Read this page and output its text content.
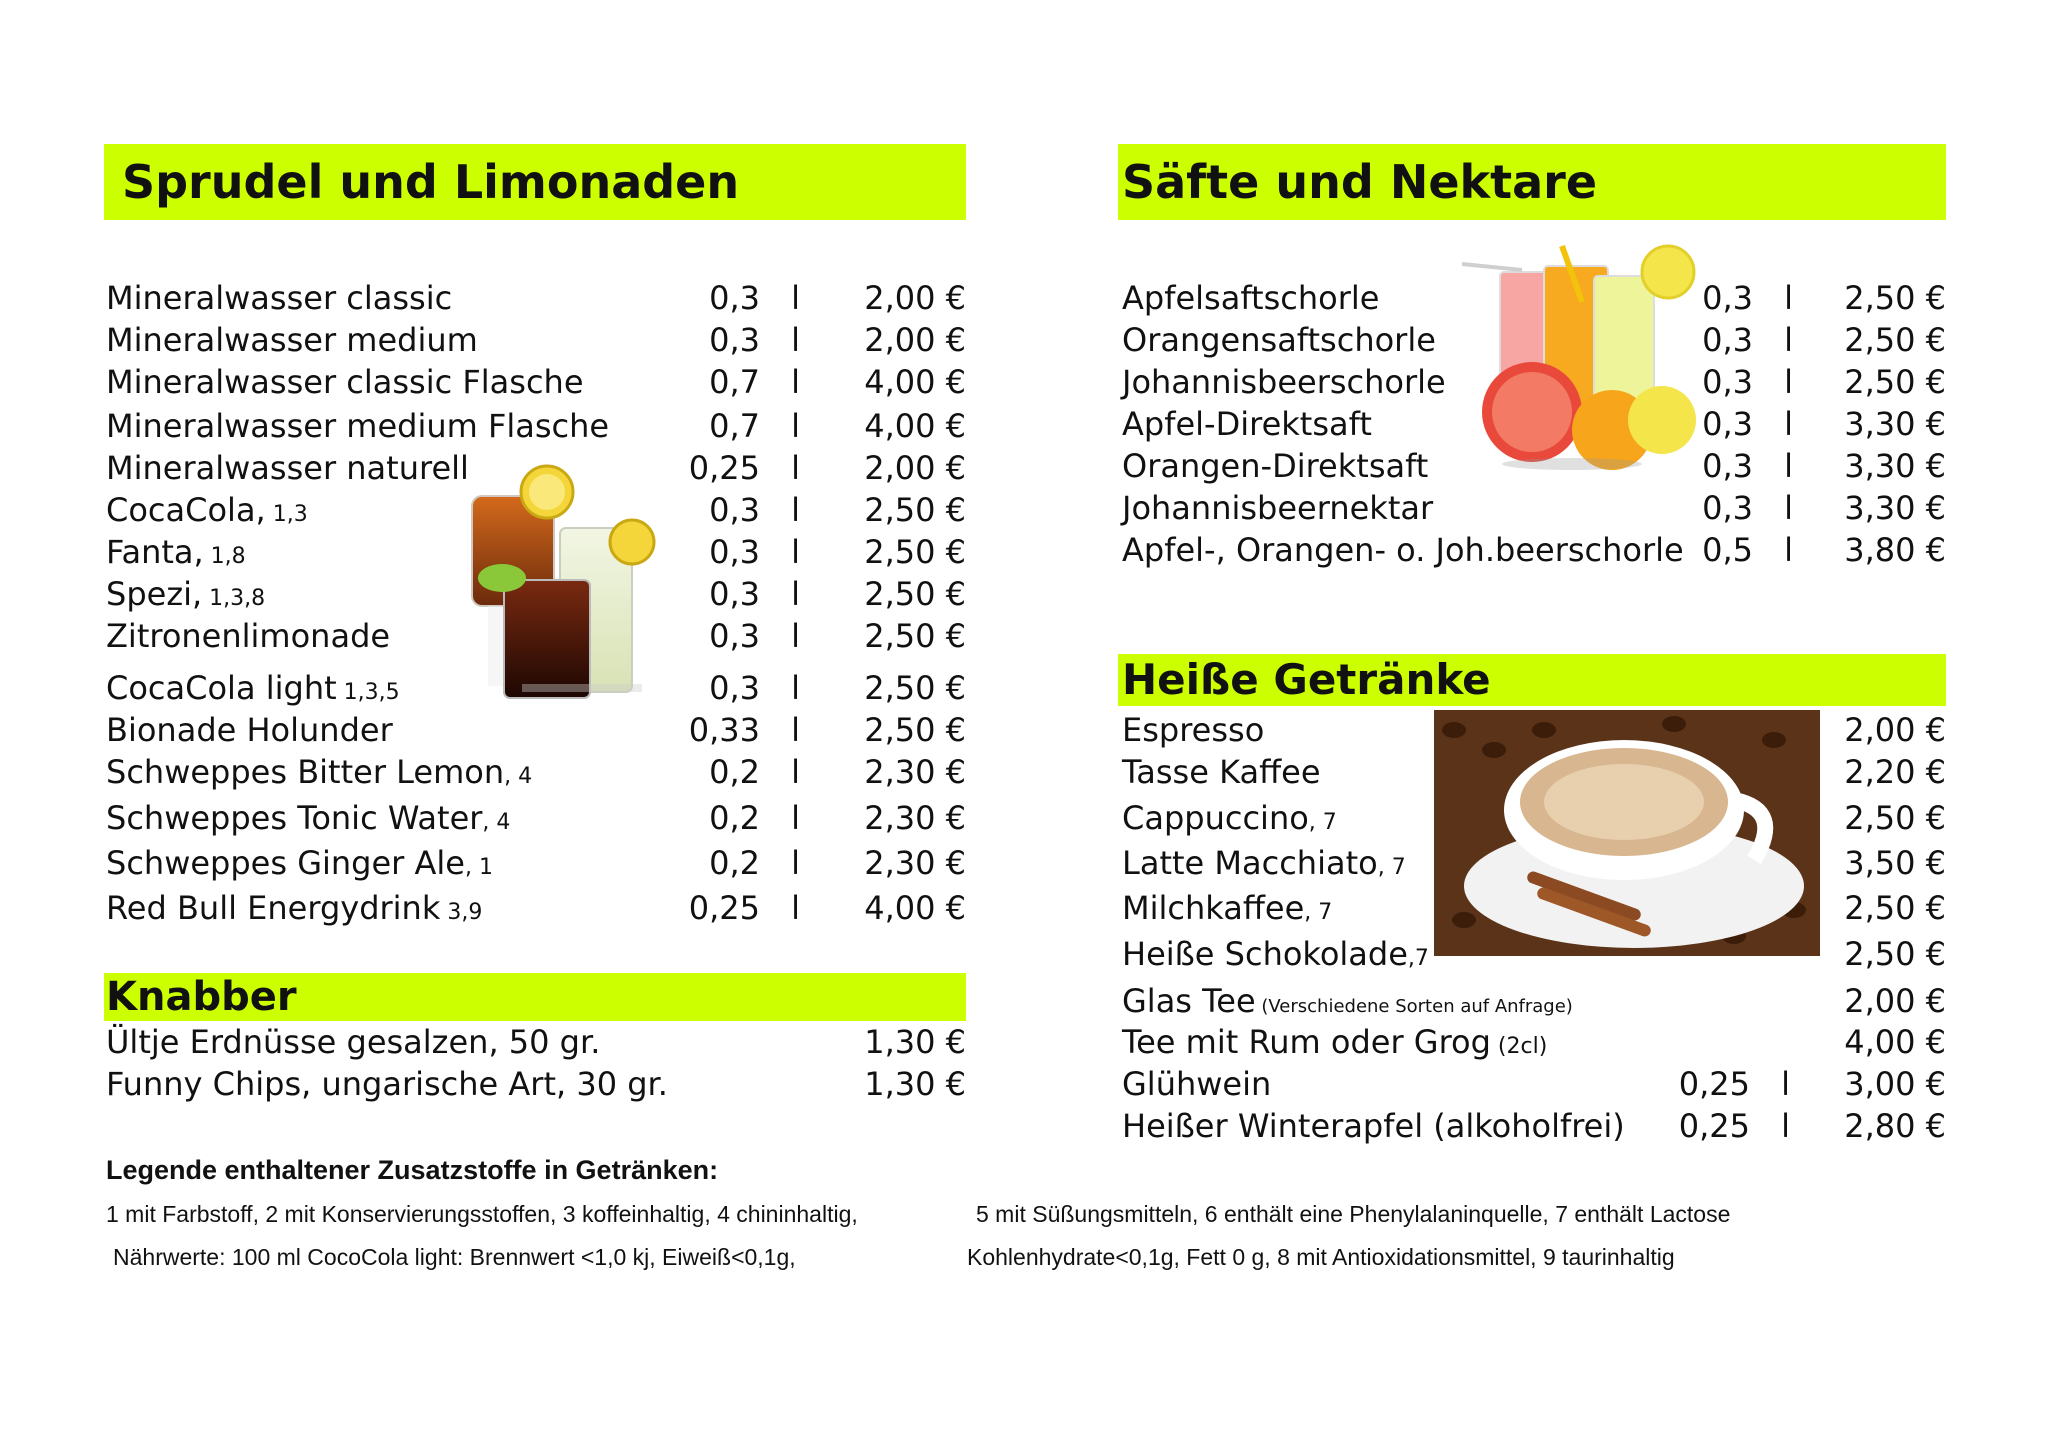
Sprudel und Limonaden	Säfte und Nektare
Heiße Getränke
Knabber
Mineralwasser classic	0,3 l 2,00 €
Mineralwasser medium	0,3 l 2,00 €
Mineralwasser classic Flasche	0,7 l 4,00 €
Mineralwasser medium Flasche	0,7 l 4,00 €
Mineralwasser naturell	0,25 l 2,00 €
CocaCola, 1,3	0,3 l 2,50 €
Fanta, 1,8	0,3 l 2,50 €
Spezi, 1,3,8	0,3 l 2,50 €
Zitronenlimonade	0,3 l 2,50 €
CocaCola light 1,3,5	0,3 l 2,50 €
Bionade Holunder	0,33 l 2,50 €
Schweppes Bitter Lemon, 4	0,2 l 2,30 €
Schweppes Tonic Water, 4	0,2 l 2,30 €
Schweppes Ginger Ale, 1	0,2 l 2,30 €
Red Bull Energydrink 3,9	0,25 l 4,00 €
Ültje Erdnüsse gesalzen, 50 gr.	1,30 €
Funny Chips, ungarische Art, 30 gr.	1,30 €
Apfelsaftschorle	0,3 l 2,50 €
Orangensaftschorle	0,3 l 2,50 €
Johannisbeerschorle	0,3 l 2,50 €
Apfel-Direktsaft	0,3 l 3,30 €
Orangen-Direktsaft	0,3 l 3,30 €
Johannisbeernektar	0,3 l 3,30 €
Apfel-, Orangen- o. Joh.beerschorle 0,5 l 3,80 €
Espresso	2,00 €
Tasse Kaffee	2,20 €
Cappuccino, 7	2,50 €
Latte Macchiato, 7	3,50 €
Milchkaffee, 7	2,50 €
Heiße Schokolade,7	2,50 €
Glas Tee (Verschiedene Sorten auf Anfrage)	2,00 €
Tee mit Rum oder Grog (2cl)	4,00 €
Glühwein	0,25 l 3,00 €
Heißer Winterapfel (alkoholfrei) 0,25 l 2,80 €
Legende enthaltener Zusatzstoffe in Getränken:
1 mit Farbstoff, 2 mit Konservierungsstoffen, 3 koffeinhaltig, 4 chininhaltig,	5 mit Süßungsmitteln, 6 enthält eine Phenylalaninquelle, 7 enthält Lactose
Nährwerte: 100 ml CocoCola light: Brennwert <1,0 kj, Eiweiß<0,1g,	Kohlenhydrate<0,1g, Fett 0 g, 8 mit Antioxidationsmittel, 9 taurinhaltig
